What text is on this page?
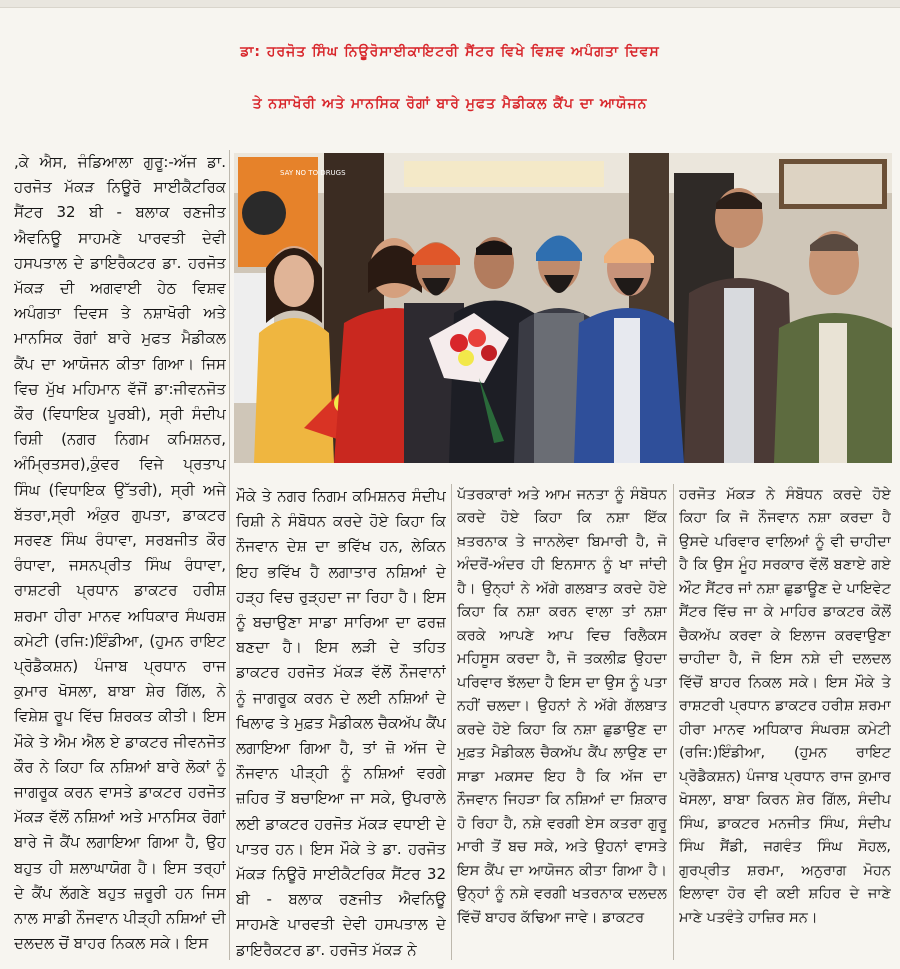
ਡਾ: ਹਰਜੋਤ ਸਿੰਘ ਨਿਊਰੋਸਾਈਕਾਇਟਰੀ ਸੈਂਟਰ ਵਿਖੇ ਵਿਸ਼ਵ ਅਪੰਗਤਾ ਦਿਵਸ
ਤੇ ਨਸ਼ਾਖੋਰੀ ਅਤੇ ਮਾਨਸਿਕ ਰੋਗਾਂ ਬਾਰੇ ਮੁਫਤ ਮੈਡੀਕਲ ਕੈਂਪ ਦਾ ਆਯੋਜਨ
,ਕੇ ਐਸ, ਜੰਡਿਆਲਾ ਗੁਰੂ:-ਅੱਜ ਡਾ. ਹਰਜੋਤ ਮੱਕੜ ਨਿਊਰੋ ਸਾਈਕੈਟਰਿਕ ਸੈਂਟਰ 32 ਬੀ - ਬਲਾਕ ਰਣਜੀਤ ਐਵਨਿਊ ਸਾਹਮਣੇ ਪਾਰਵਤੀ ਦੇਵੀ ਹਸਪਤਾਲ ਦੇ ਡਾਇਰੈਕਟਰ ਡਾ. ਹਰਜੋਤ ਮੱਕੜ ਦੀ ਅਗਵਾਈ ਹੇਠ ਵਿਸ਼ਵ ਅਪੰਗਤਾ ਦਿਵਸ ਤੇ ਨਸ਼ਾਖੋਰੀ ਅਤੇ ਮਾਨਸਿਕ ਰੋਗਾਂ ਬਾਰੇ ਮੁਫਤ ਮੈਡੀਕਲ ਕੈਂਪ ਦਾ ਆਯੋਜਨ ਕੀਤਾ ਗਿਆ। ਜਿਸ ਵਿਚ ਮੁੱਖ ਮਹਿਮਾਨ ਵੱਜੋਂ ਡਾ:ਜੀਵਨਜੋਤ ਕੌਰ (ਵਿਧਾਇਕ ਪੂਰਬੀ), ਸ੍ਰੀ ਸੰਦੀਪ ਰਿਸ਼ੀ (ਨਗਰ ਨਿਗਮ ਕਮਿਸ਼ਨਰ, ਅੰਮ੍ਰਿਤਸਰ),ਕੁੰਵਰ ਵਿਜੇ ਪ੍ਰਤਾਪ ਸਿੰਘ (ਵਿਧਾਇਕ ਉੱਤਰੀ), ਸ੍ਰੀ ਅਜੇ ਬੱਤਰਾ,ਸ੍ਰੀ ਅੰਕੁਰ ਗੁਪਤਾ, ਡਾਕਟਰ ਸਰਵਣ ਸਿੰਘ ਰੰਧਾਵਾ, ਸਰਬਜੀਤ ਕੌਰ ਰੰਧਾਵਾ, ਜਸਨਪ੍ਰੀਤ ਸਿੰਘ ਰੰਧਾਵਾ, ਰਾਸ਼ਟਰੀ ਪ੍ਰਧਾਨ ਡਾਕਟਰ ਹਰੀਸ਼ ਸ਼ਰਮਾ ਹੀਰਾ ਮਾਨਵ ਅਧਿਕਾਰ ਸੰਘਰਸ਼ ਕਮੇਟੀ (ਰਜਿ:)ਇੰਡੀਆ, (ਹੁਮਨ ਰਾਇਟ ਪ੍ਰੋਡੈਕਸ਼ਨ) ਪੰਜਾਬ ਪ੍ਰਧਾਨ ਰਾਜ ਕੁਮਾਰ ਖੋਸਲਾ, ਬਾਬਾ ਸ਼ੇਰ ਗਿੱਲ, ਨੇ ਵਿਸ਼ੇਸ਼ ਰੂਪ ਵਿੱਚ ਸ਼ਿਰਕਤ ਕੀਤੀ। ਇਸ ਮੌਕੇ ਤੇ ਐਮ ਐਲ ਏ ਡਾਕਟਰ ਜੀਵਨਜੋਤ ਕੌਰ ਨੇ ਕਿਹਾ ਕਿ ਨਸ਼ਿਆਂ ਬਾਰੇ ਲੋਕਾਂ ਨੂੰ ਜਾਗਰੂਕ ਕਰਨ ਵਾਸਤੇ ਡਾਕਟਰ ਹਰਜੋਤ ਮੱਕੜ ਵੱਲੋਂ ਨਸ਼ਿਆਂ ਅਤੇ ਮਾਨਸਿਕ ਰੋਗਾਂ ਬਾਰੇ ਜੋ ਕੈਂਪ ਲਗਾਇਆ ਗਿਆ ਹੈ, ਉਹ ਬਹੁਤ ਹੀ ਸ਼ਲਾਘਾਯੋਗ ਹੈ। ਇਸ ਤਰ੍ਹਾਂ ਦੇ ਕੈਂਪ ਲੱਗਣੇ ਬਹੁਤ ਜ਼ਰੂਰੀ ਹਨ ਜਿਸ ਨਾਲ ਸਾਡੀ ਨੌਜਵਾਨ ਪੀੜ੍ਹੀ ਨਸ਼ਿਆਂ ਦੀ ਦਲਦਲ ਚੋਂ ਬਾਹਰ ਨਿਕਲ ਸਕੇ। ਇਸ
SAY NO TO DRUGS
ਮੌਕੇ ਤੇ ਨਗਰ ਨਿਗਮ ਕਮਿਸ਼ਨਰ ਸੰਦੀਪ ਰਿਸ਼ੀ ਨੇ ਸੰਬੋਧਨ ਕਰਦੇ ਹੋਏ ਕਿਹਾ ਕਿ ਨੌਜਵਾਨ ਦੇਸ਼ ਦਾ ਭਵਿੱਖ ਹਨ, ਲੇਕਿਨ ਇਹ ਭਵਿੱਖ ਹੈ ਲਗਾਤਾਰ ਨਸ਼ਿਆਂ ਦੇ ਹੜ੍ਹ ਵਿਚ ਰੁੜ੍ਹਦਾ ਜਾ ਰਿਹਾ ਹੈ। ਇਸ ਨੂੰ ਬਚਾਉਣਾ ਸਾਡਾ ਸਾਰਿਆ ਦਾ ਫਰਜ਼ ਬਣਦਾ ਹੈ। ਇਸ ਲੜੀ ਦੇ ਤਹਿਤ ਡਾਕਟਰ ਹਰਜੋਤ ਮੱਕੜ ਵੱਲੋਂ ਨੌਜਵਾਨਾਂ ਨੂੰ ਜਾਗਰੂਕ ਕਰਨ ਦੇ ਲਈ ਨਸ਼ਿਆਂ ਦੇ ਖਿਲਾਫ ਤੇ ਮੁਫ਼ਤ ਮੈਡੀਕਲ ਚੈਕਅੱਪ ਕੈਂਪ ਲਗਾਇਆ ਗਿਆ ਹੈ, ਤਾਂ ਜ਼ੋ ਅੱਜ ਦੇ ਨੌਜਵਾਨ ਪੀੜ੍ਹੀ ਨੂੰ ਨਸ਼ਿਆਂ ਵਰਗੇ ਜ਼ਹਿਰ ਤੋਂ ਬਚਾਇਆ ਜਾ ਸਕੇ, ਉਪਰਾਲੇ ਲਈ ਡਾਕਟਰ ਹਰਜੋਤ ਮੱਕੜ ਵਧਾਈ ਦੇ ਪਾਤਰ ਹਨ। ਇਸ ਮੌਕੇ ਤੇ ਡਾ. ਹਰਜੋਤ ਮੱਕੜ ਨਿਊਰੋ ਸਾਈਕੈਟਰਿਕ ਸੈਂਟਰ 32 ਬੀ - ਬਲਾਕ ਰਣਜੀਤ ਐਵਨਿਊ ਸਾਹਮਣੇ ਪਾਰਵਤੀ ਦੇਵੀ ਹਸਪਤਾਲ ਦੇ ਡਾਇਰੈਕਟਰ ਡਾ. ਹਰਜੋਤ ਮੱਕੜ ਨੇ
ਪੱਤਰਕਾਰਾਂ ਅਤੇ ਆਮ ਜਨਤਾ ਨੂੰ ਸੰਬੋਧਨ ਕਰਦੇ ਹੋਏ ਕਿਹਾ ਕਿ ਨਸ਼ਾ ਇੱਕ ਖ਼ਤਰਨਾਕ ਤੇ ਜਾਨਲੇਵਾ ਬਿਮਾਰੀ ਹੈ, ਜੋ ਅੰਦਰੋਂ-ਅੰਦਰ ਹੀ ਇਨਸਾਨ ਨੂੰ ਖਾ ਜਾਂਦੀ ਹੈ। ਉਨ੍ਹਾਂ ਨੇ ਅੱਗੇ ਗਲਬਾਤ ਕਰਦੇ ਹੋਏ ਕਿਹਾ ਕਿ ਨਸ਼ਾ ਕਰਨ ਵਾਲਾ ਤਾਂ ਨਸ਼ਾ ਕਰਕੇ ਆਪਣੇ ਆਪ ਵਿਚ ਰਿਲੈਕਸ ਮਹਿਸੂਸ ਕਰਦਾ ਹੈ, ਜੋ ਤਕਲੀਫ਼ ਉਹਦਾ ਪਰਿਵਾਰ ਝੱਲਦਾ ਹੈ ਇਸ ਦਾ ਉਸ ਨੂੰ ਪਤਾ ਨਹੀਂ ਚਲਦਾ। ਉਹਨਾਂ ਨੇ ਅੱਗੇ ਗੱਲਬਾਤ ਕਰਦੇ ਹੋਏ ਕਿਹਾ ਕਿ ਨਸ਼ਾ ਛੁਡਾਉਣ ਦਾ ਮੁਫ਼ਤ ਮੈਡੀਕਲ ਚੈਕਅੱਪ ਕੈਂਪ ਲਾਉਣ ਦਾ ਸਾਡਾ ਮਕਸਦ ਇਹ ਹੈ ਕਿ ਅੱਜ ਦਾ ਨੌਜਵਾਨ ਜਿਹੜਾ ਕਿ ਨਸ਼ਿਆਂ ਦਾ ਸ਼ਿਕਾਰ ਹੋ ਰਿਹਾ ਹੈ, ਨਸ਼ੇ ਵਰਗੀ ਏਸ ਕਤਰਾ ਗੁਰੂ ਮਾਰੀ ਤੋਂ ਬਚ ਸਕੇ, ਅਤੇ ਉਹਨਾਂ ਵਾਸਤੇ ਇਸ ਕੈਂਪ ਦਾ ਆਯੋਜਨ ਕੀਤਾ ਗਿਆ ਹੈ। ਉਨ੍ਹਾਂ ਨੂੰ ਨਸ਼ੇ ਵਰਗੀ ਖਤਰਨਾਕ ਦਲਦਲ ਵਿੱਚੋਂ ਬਾਹਰ ਕੱਢਿਆ ਜਾਵੇ। ਡਾਕਟਰ
ਹਰਜੋਤ ਮੱਕੜ ਨੇ ਸੰਬੋਧਨ ਕਰਦੇ ਹੋਏ ਕਿਹਾ ਕਿ ਜੋ ਨੌਜਵਾਨ ਨਸ਼ਾ ਕਰਦਾ ਹੈ ਉਸਦੇ ਪਰਿਵਾਰ ਵਾਲਿਆਂ ਨੂੰ ਵੀ ਚਾਹੀਦਾ ਹੈ ਕਿ ਉਸ ਮੂੰਹ ਸਰਕਾਰ ਵੱਲੋਂ ਬਣਾਏ ਗਏ ਔਟ ਸੈਂਟਰ ਜਾਂ ਨਸ਼ਾ ਛੁਡਾਊਣ ਦੇ ਪਾਇਵੇਟ ਸੈਂਟਰ ਵਿੱਚ ਜਾ ਕੇ ਮਾਹਿਰ ਡਾਕਟਰ ਕੋਲੋਂ ਚੈਕਅੱਪ ਕਰਵਾ ਕੇ ਇਲਾਜ ਕਰਵਾਉਣਾ ਚਾਹੀਦਾ ਹੈ, ਜੋ ਇਸ ਨਸ਼ੇ ਦੀ ਦਲਦਲ ਵਿੱਚੋਂ ਬਾਹਰ ਨਿਕਲ ਸਕੇ। ਇਸ ਮੌਕੇ ਤੇ ਰਾਸ਼ਟਰੀ ਪ੍ਰਧਾਨ ਡਾਕਟਰ ਹਰੀਸ਼ ਸ਼ਰਮਾ ਹੀਰਾ ਮਾਨਵ ਅਧਿਕਾਰ ਸੰਘਰਸ਼ ਕਮੇਟੀ (ਰਜਿ:)ਇੰਡੀਆ, (ਹੁਮਨ ਰਾਇਟ ਪ੍ਰੋਡੈਕਸ਼ਨ) ਪੰਜਾਬ ਪ੍ਰਧਾਨ ਰਾਜ ਕੁਮਾਰ ਖੋਸਲਾ, ਬਾਬਾ ਕਿਰਨ ਸ਼ੇਰ ਗਿੱਲ, ਸੰਦੀਪ ਸਿੰਘ, ਡਾਕਟਰ ਮਨਜੀਤ ਸਿੰਘ, ਸੰਦੀਪ ਸਿੰਘ ਸੈਂਡੀ, ਜਗਵੰਤ ਸਿੰਘ ਸੋਹਲ, ਗੁਰਪ੍ਰੀਤ ਸ਼ਰਮਾ, ਅਨੁਰਾਗ ਮੋਹਨ ਇਲਾਵਾ ਹੋਰ ਵੀ ਕਈ ਸ਼ਹਿਰ ਦੇ ਜਾਣੇ ਮਾਣੇ ਪਤਵੰਤੇ ਹਾਜ਼ਿਰ ਸਨ।
